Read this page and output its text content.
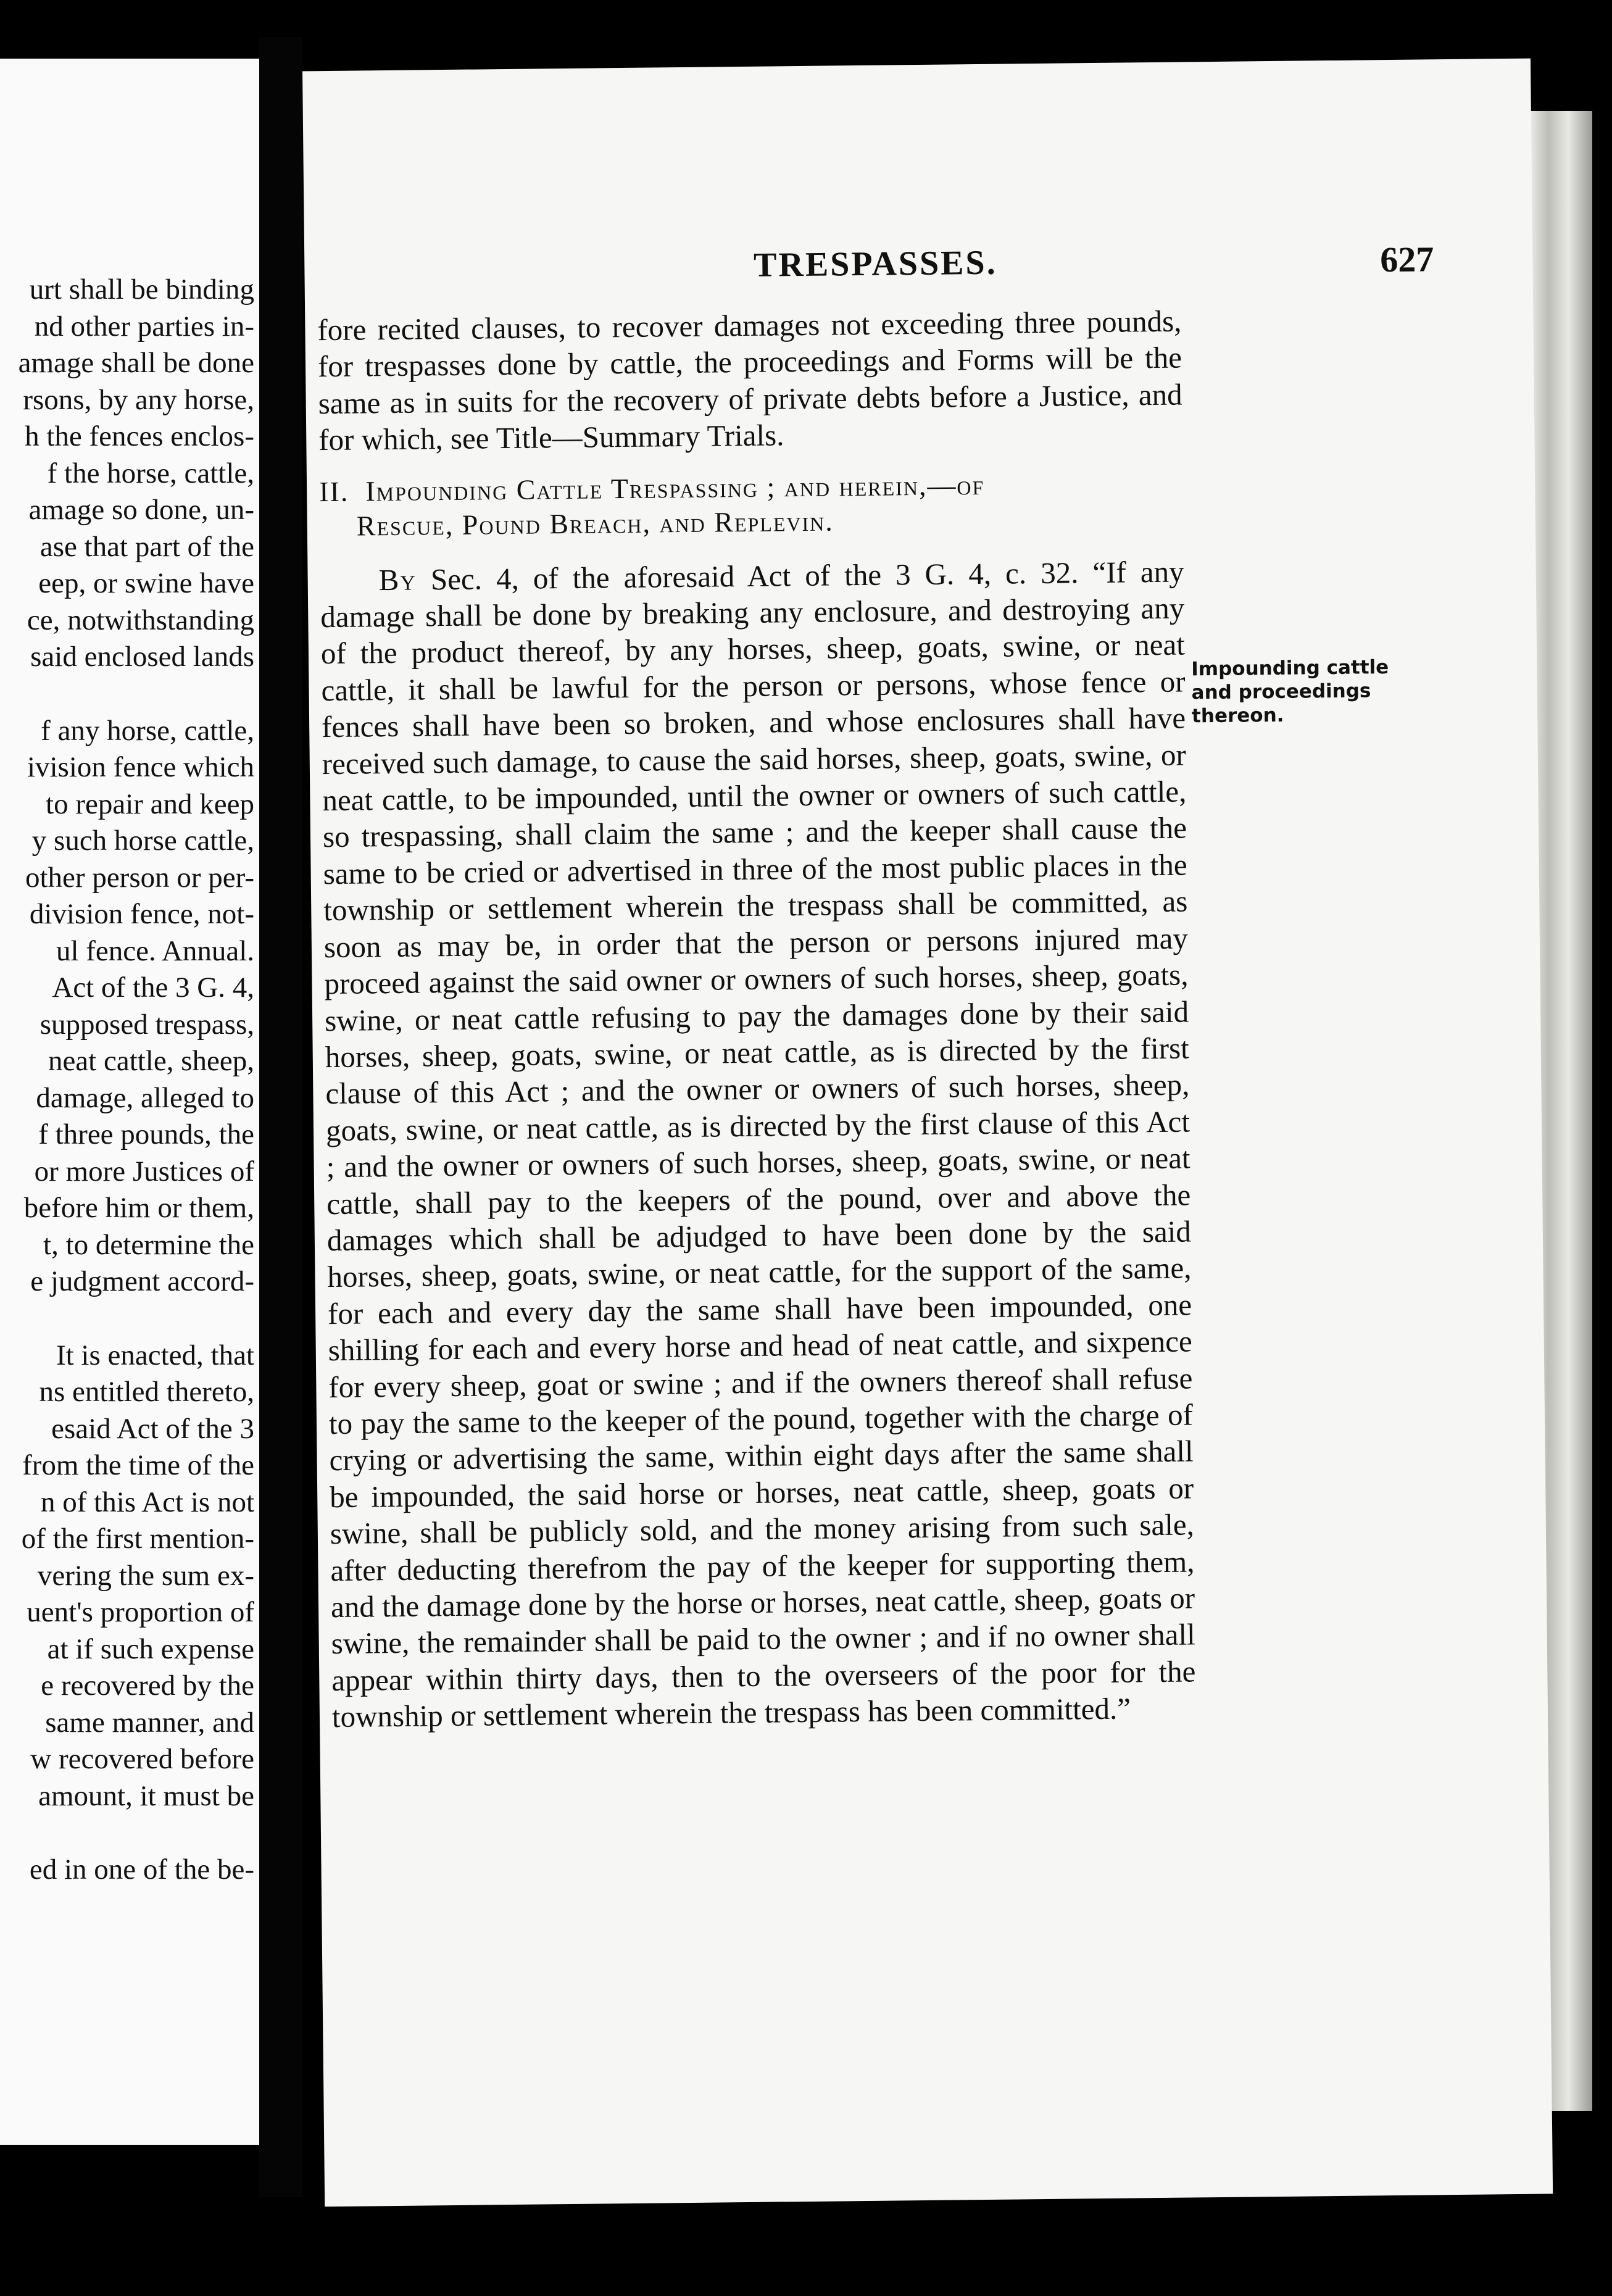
urt shall be binding
nd other parties in-
amage shall be done
rsons, by any horse,
h the fences enclos-
f the horse, cattle,
amage so done, un-
ase that part of the
eep, or swine have
ce, notwithstanding
said enclosed lands
f any horse, cattle,
ivision fence which
to repair and keep
y such horse cattle,
other person or per-
division fence, not-
ul fence. Annual.
Act of the 3 G. 4,
supposed trespass,
neat cattle, sheep,
damage, alleged to
f three pounds, the
or more Justices of
before him or them,
t, to determine the
e judgment accord-
It is enacted, that
ns entitled thereto,
esaid Act of the 3
from the time of the
n of this Act is not
of the first mention-
vering the sum ex-
uent's proportion of
at if such expense
e recovered by the
same manner, and
w recovered before
amount, it must be
ed in one of the be-
TRESPASSES.	627

fore recited clauses, to recover damages not exceeding three pounds, for trespasses done by cattle, the proceedings and Forms will be the same as in suits for the recovery of private debts before a Justice, and for which, see Title—Summary Trials.

II. Impounding Cattle Trespassing ; and herein,—of
Rescue, Pound Breach, and Replevin.

By Sec. 4, of the aforesaid Act of the 3 G. 4, c. 32. “If any damage shall be done by breaking any enclosure, and destroying any of the product thereof, by any horses, sheep, goats, swine, or neat cattle, it shall be lawful for the person or persons, whose fence or fences shall have been so broken, and whose enclosures shall have received such damage, to cause the said horses, sheep, goats, swine, or neat cattle, to be impounded, until the owner or owners of such cattle, so trespassing, shall claim the same ; and the keeper shall cause the same to be cried or advertised in three of the most public places in the township or settlement wherein the trespass shall be committed, as soon as may be, in order that the person or persons injured may proceed against the said owner or owners of such horses, sheep, goats, swine, or neat cattle refusing to pay the damages done by their said horses, sheep, goats, swine, or neat cattle, as is directed by the first clause of this Act ; and the owner or owners of such horses, sheep, goats, swine, or neat cattle, as is directed by the first clause of this Act ; and the owner or owners of such horses, sheep, goats, swine, or neat cattle, shall pay to the keepers of the pound, over and above the damages which shall be adjudged to have been done by the said horses, sheep, goats, swine, or neat cattle, for the support of the same, for each and every day the same shall have been impounded, one shilling for each and every horse and head of neat cattle, and sixpence for every sheep, goat or swine ; and if the owners thereof shall refuse to pay the same to the keeper of the pound, together with the charge of crying or advertising the same, within eight days after the same shall be impounded, the said horse or horses, neat cattle, sheep, goats or swine, shall be publicly sold, and the money arising from such sale, after deducting therefrom the pay of the keeper for supporting them, and the damage done by the horse or horses, neat cattle, sheep, goats or swine, the remainder shall be paid to the owner ; and if no owner shall appear within thirty days, then to the overseers of the poor for the township or settlement wherein the trespass has been committed.”

Impounding cattle and proceedings thereon.
